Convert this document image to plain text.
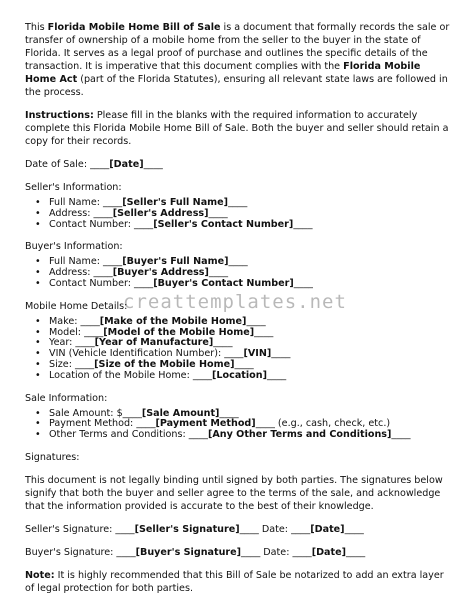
This Florida Mobile Home Bill of Sale is a document that formally records the sale or transfer of ownership of a mobile home from the seller to the buyer in the state of Florida. It serves as a legal proof of purchase and outlines the specific details of the transaction. It is imperative that this document complies with the Florida Mobile Home Act (part of the Florida Statutes), ensuring all relevant state laws are followed in the process.

Instructions: Please fill in the blanks with the required information to accurately complete this Florida Mobile Home Bill of Sale. Both the buyer and seller should retain a copy for their records.

Date of Sale: ____[Date]____

Seller's Information:

• Full Name: ____[Seller's Full Name]____
• Address: ____[Seller's Address]____
• Contact Number: ____[Seller's Contact Number]____

Buyer's Information:

• Full Name: ____[Buyer's Full Name]____
• Address: ____[Buyer's Address]____
• Contact Number: ____[Buyer's Contact Number]____

Mobile Home Details:

• Make: ____[Make of the Mobile Home]____
• Model: ____[Model of the Mobile Home]____
• Year: ____[Year of Manufacture]____
• VIN (Vehicle Identification Number): ____[VIN]____
• Size: ____[Size of the Mobile Home]____
• Location of the Mobile Home: ____[Location]____

Sale Information:

• Sale Amount: $____[Sale Amount]____
• Payment Method: ____[Payment Method]____ (e.g., cash, check, etc.)
• Other Terms and Conditions: ____[Any Other Terms and Conditions]____

Signatures:

This document is not legally binding until signed by both parties. The signatures below signify that both the buyer and seller agree to the terms of the sale, and acknowledge that the information provided is accurate to the best of their knowledge.

Seller's Signature: ____[Seller's Signature]____ Date: ____[Date]____

Buyer's Signature: ____[Buyer's Signature]____ Date: ____[Date]____

Note: It is highly recommended that this Bill of Sale be notarized to add an extra layer of legal protection for both parties.

creattemplates.net
